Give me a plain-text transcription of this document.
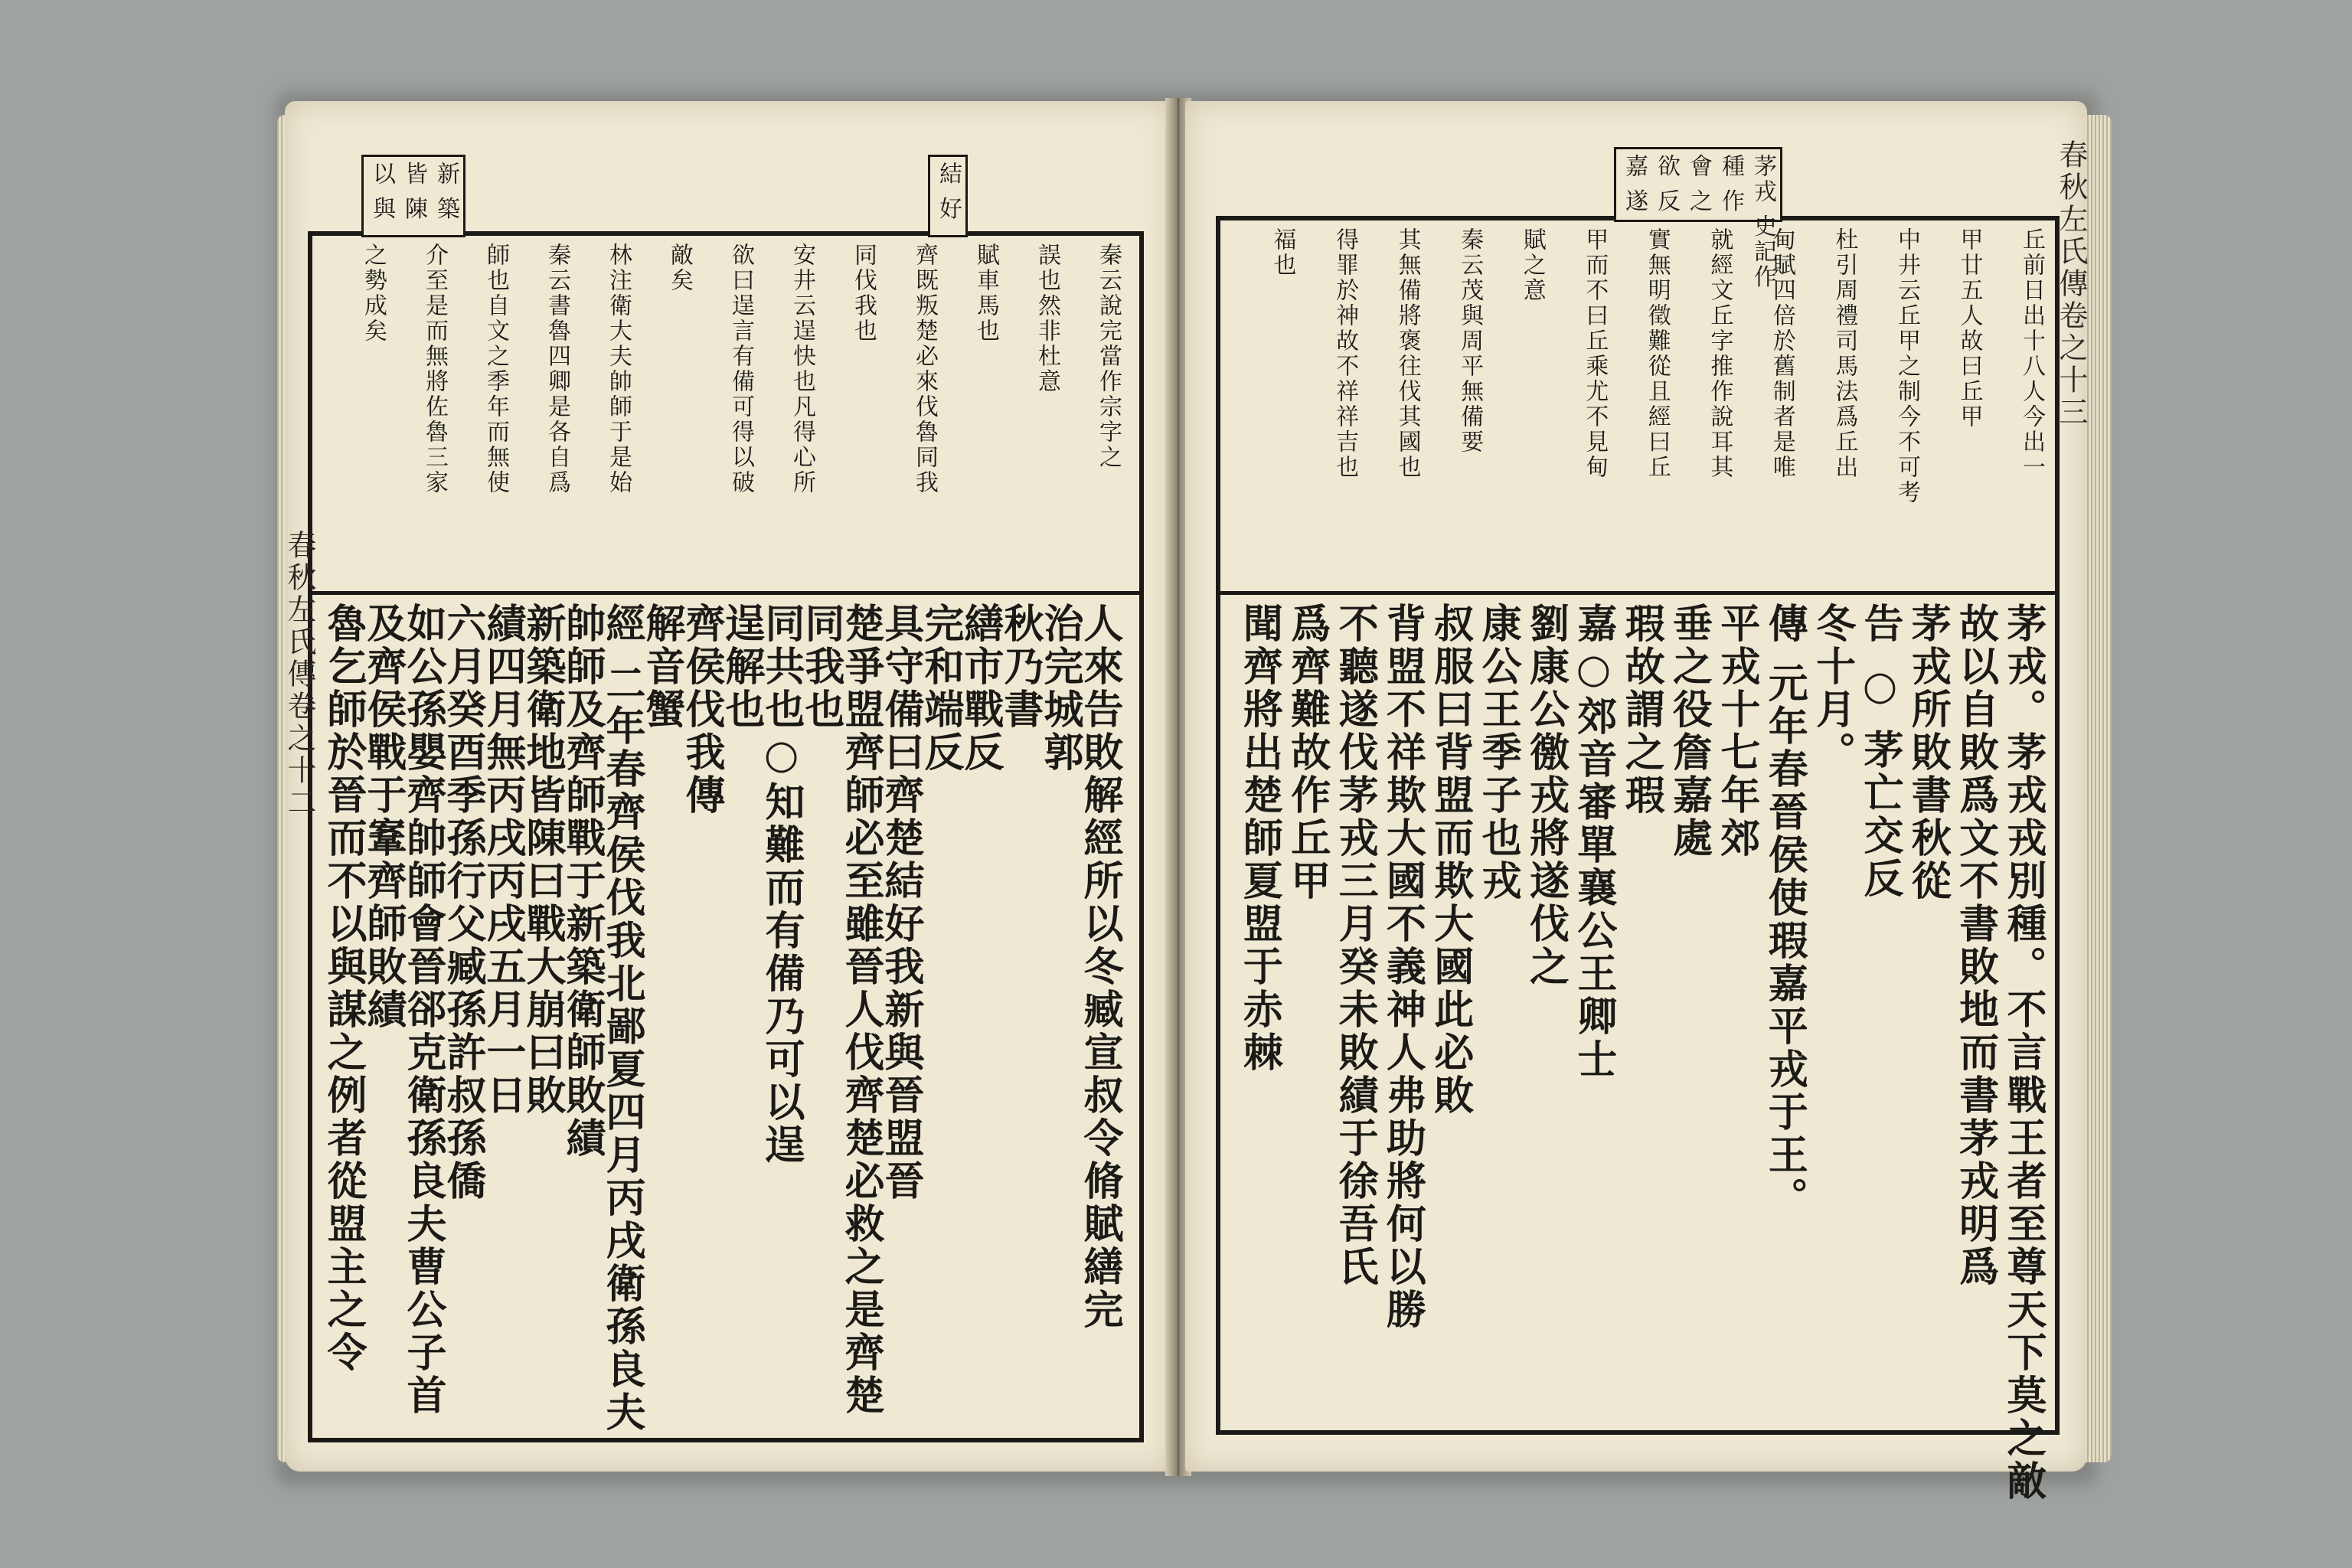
春秋左氏傳卷之十二
新 築
皆 陳
以 與	結 好
秦云說完當作宗字之
誤也然非杜意
賦車馬也
齊既叛楚必來伐魯同我
同伐我也
安井云逞快也凡得心所
欲曰逞言有備可得以破
敵矣
林注衛大夫帥師于是始
秦云書魯四卿是各自爲
師也自文之季年而無使
介至是而無將佐魯三家
之勢成矣
人來告敗解經所以冬臧宣叔令脩賦繕完
治完城郭
秋乃書
繕市戰反
完和端反
具守備曰齊楚結好我新與晉盟晉
楚爭盟齊師必至雖晉人伐齊楚必救之是齊楚
同我也
同共也○知難而有備乃可以逞
逞解也
齊侯伐我傳
解音蟹
經 二年春齊侯伐我北鄙夏四月丙戌衛孫良夫
帥師及齊師戰于新築衛師敗績
新築衛地皆陳曰戰大崩曰敗
績四月無丙戌丙戌五月一日
六月癸酉季孫行父臧孫許叔孫僑
如公孫嬰齊帥師會晉郤克衛孫良夫曹公子首
及齊侯戰于鞌齊師敗績
魯乞師於晉而不以與謀之例者從盟主之令
春秋左氏傳卷之十三
茅戎 史記作
種 作
會 之
欲 反
嘉 遂
丘前日出十八人今出一
甲廿五人故曰丘甲
中井云丘甲之制今不可考
杜引周禮司馬法爲丘出
甸賦四倍於舊制者是唯
就經文丘字推作說耳其
實無明徵難從且經曰丘
甲而不曰丘乘尤不見甸
賦之意
秦云茂與周平無備要
其無備將褒往伐其國也
得罪於神故不祥祥吉也
福也
茅戎。茅戎戎別種。不言戰王者至尊天下莫之敵
故以自敗爲文不書敗地而書茅戎明爲
茅戎所敗書秋從
告 ○ 茅亡交反
冬十月。
傳 元年春晉侯使瑕嘉平戎于王。
平戎十七年郊
垂之役詹嘉處
瑕故謂之瑕
嘉○郊音審單襄公王卿士
劉康公徼戎將遂伐之
康公王季子也戎
叔服曰背盟而欺大國此必敗
背盟不祥欺大國不義神人弗助將何以勝
不聽遂伐茅戎三月癸未敗績于徐吾氏
爲齊難故作丘甲
聞齊將出楚師夏盟于赤棘
